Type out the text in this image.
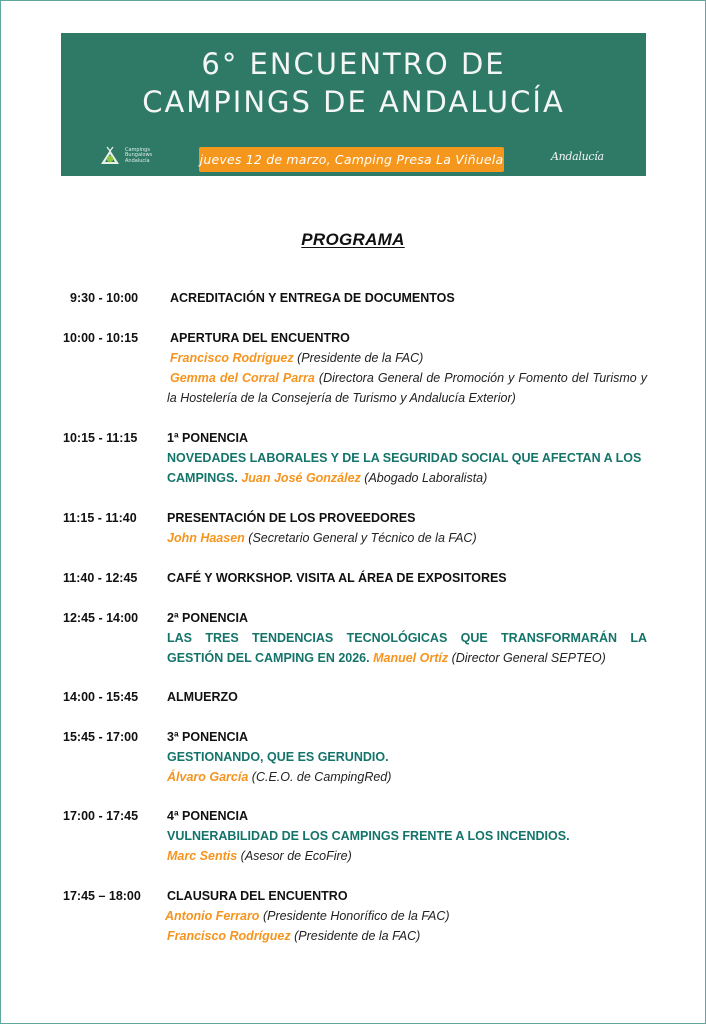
6° ENCUENTRO DE
CAMPINGS DE ANDALUCÍA
Campings
Bungalows
Andalucía	jueves 12 de marzo, Camping Presa La Viñuela	Andalucía
PROGRAMA
9:30 - 10:00	ACREDITACIÓN Y ENTREGA DE DOCUMENTOS
10:00 - 10:15	APERTURA DEL ENCUENTRO
Francisco Rodríguez (Presidente de la FAC)
Gemma del Corral Parra (Directora General de Promoción y Fomento del Turismo y la Hostelería de la Consejería de Turismo y Andalucía Exterior)
10:15 - 11:15	1ª PONENCIA
NOVEDADES LABORALES Y DE LA SEGURIDAD SOCIAL QUE AFECTAN A LOS CAMPINGS. Juan José González (Abogado Laboralista)
11:15 - 11:40	PRESENTACIÓN DE LOS PROVEEDORES
John Haasen (Secretario General y Técnico de la FAC)
11:40 - 12:45	CAFÉ Y WORKSHOP. VISITA AL ÁREA DE EXPOSITORES
12:45 - 14:00	2ª PONENCIA
LAS TRES TENDENCIAS TECNOLÓGICAS QUE TRANSFORMARÁN LA
GESTIÓN DEL CAMPING EN 2026. Manuel Ortíz (Director General SEPTEO)
14:00 - 15:45	ALMUERZO
15:45 - 17:00	3ª PONENCIA
GESTIONANDO, QUE ES GERUNDIO.
Álvaro García (C.E.O. de CampingRed)
17:00 - 17:45	4ª PONENCIA
VULNERABILIDAD DE LOS CAMPINGS FRENTE A LOS INCENDIOS.
Marc Sentis (Asesor de EcoFire)
17:45 – 18:00	CLAUSURA DEL ENCUENTRO
Antonio Ferraro (Presidente Honorífico de la FAC)
Francisco Rodríguez (Presidente de la FAC)
